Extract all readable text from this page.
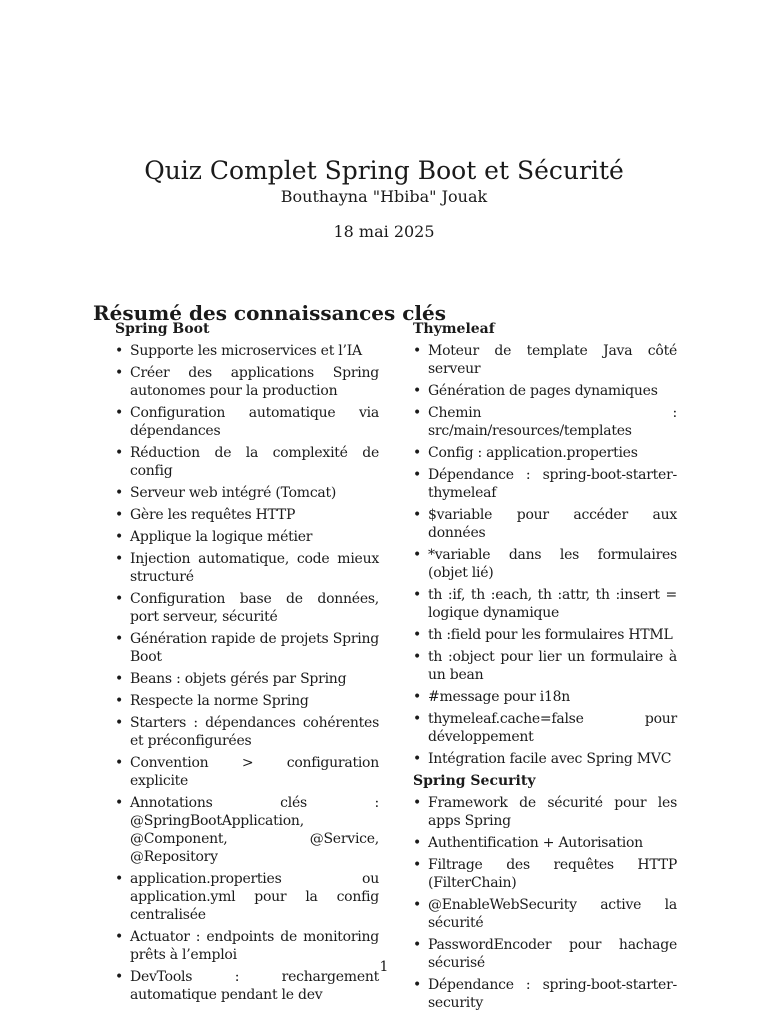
Quiz Complet Spring Boot et Sécurité
Bouthayna "Hbiba" Jouak
18 mai 2025
Résumé des connaissances clés
Spring Boot
• Supporte les microservices et l’IA
• Créer des applications Spring autonomes pour la production
• Configuration automatique via dépendances
• Réduction de la complexité de config
• Serveur web intégré (Tomcat)
• Gère les requêtes HTTP
• Applique la logique métier
• Injection automatique, code mieux structuré
• Configuration base de données, port serveur, sécurité
• Génération rapide de projets Spring Boot
• Beans : objets gérés par Spring
• Respecte la norme Spring
• Starters : dépendances cohérentes et préconfigurées
• Convention > configuration explicite
• Annotations clés : @SpringBootApplication, @Component, @Service, @Repository
• application.properties ou application.yml pour la config centralisée
• Actuator : endpoints de monitoring prêts à l’emploi
• DevTools : rechargement automatique pendant le dev
Thymeleaf
• Moteur de template Java côté serveur
• Génération de pages dynamiques
• Chemin : src/main/resources/templates
• Config : application.properties
• Dépendance : spring-boot-starter-thymeleaf
• $variable pour accéder aux données
• *variable dans les formulaires (objet lié)
• th :if, th :each, th :attr, th :insert = logique dynamique
• th :field pour les formulaires HTML
• th :object pour lier un formulaire à un bean
• #message pour i18n
• thymeleaf.cache=false pour développement
• Intégration facile avec Spring MVC
Spring Security
• Framework de sécurité pour les apps Spring
• Authentification + Autorisation
• Filtrage des requêtes HTTP (FilterChain)
• @EnableWebSecurity active la sécurité
• PasswordEncoder pour hachage sécurisé
• Dépendance : spring-boot-starter-security
1
